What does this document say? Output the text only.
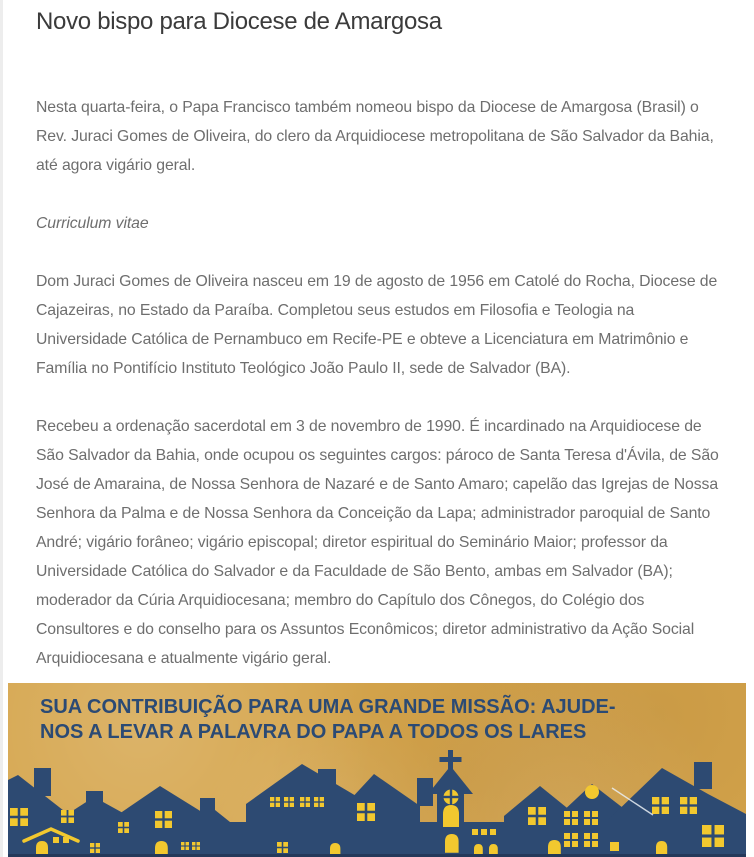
Novo bispo para Diocese de Amargosa

Nesta quarta-feira, o Papa Francisco também nomeou bispo da Diocese de Amargosa (Brasil) o Rev. Juraci Gomes de Oliveira, do clero da Arquidiocese metropolitana de São Salvador da Bahia, até agora vigário geral.

Curriculum vitae

Dom Juraci Gomes de Oliveira nasceu em 19 de agosto de 1956 em Catolé do Rocha, Diocese de Cajazeiras, no Estado da Paraíba. Completou seus estudos em Filosofia e Teologia na Universidade Católica de Pernambuco em Recife-PE e obteve a Licenciatura em Matrimônio e Família no Pontifício Instituto Teológico João Paulo II, sede de Salvador (BA).

Recebeu a ordenação sacerdotal em 3 de novembro de 1990. É incardinado na Arquidiocese de São Salvador da Bahia, onde ocupou os seguintes cargos: pároco de Santa Teresa d'Ávila, de São José de Amaraina, de Nossa Senhora de Nazaré e de Santo Amaro; capelão das Igrejas de Nossa Senhora da Palma e de Nossa Senhora da Conceição da Lapa; administrador paroquial de Santo André; vigário forâneo; vigário episcopal; diretor espiritual do Seminário Maior; professor da Universidade Católica do Salvador e da Faculdade de São Bento, ambas em Salvador (BA); moderador da Cúria Arquidiocesana; membro do Capítulo dos Cônegos, do Colégio dos Consultores e do conselho para os Assuntos Econômicos; diretor administrativo da Ação Social Arquidiocesana e atualmente vigário geral.

SUA CONTRIBUIÇÃO PARA UMA GRANDE MISSÃO: AJUDE-NOS A LEVAR A PALAVRA DO PAPA A TODOS OS LARES
